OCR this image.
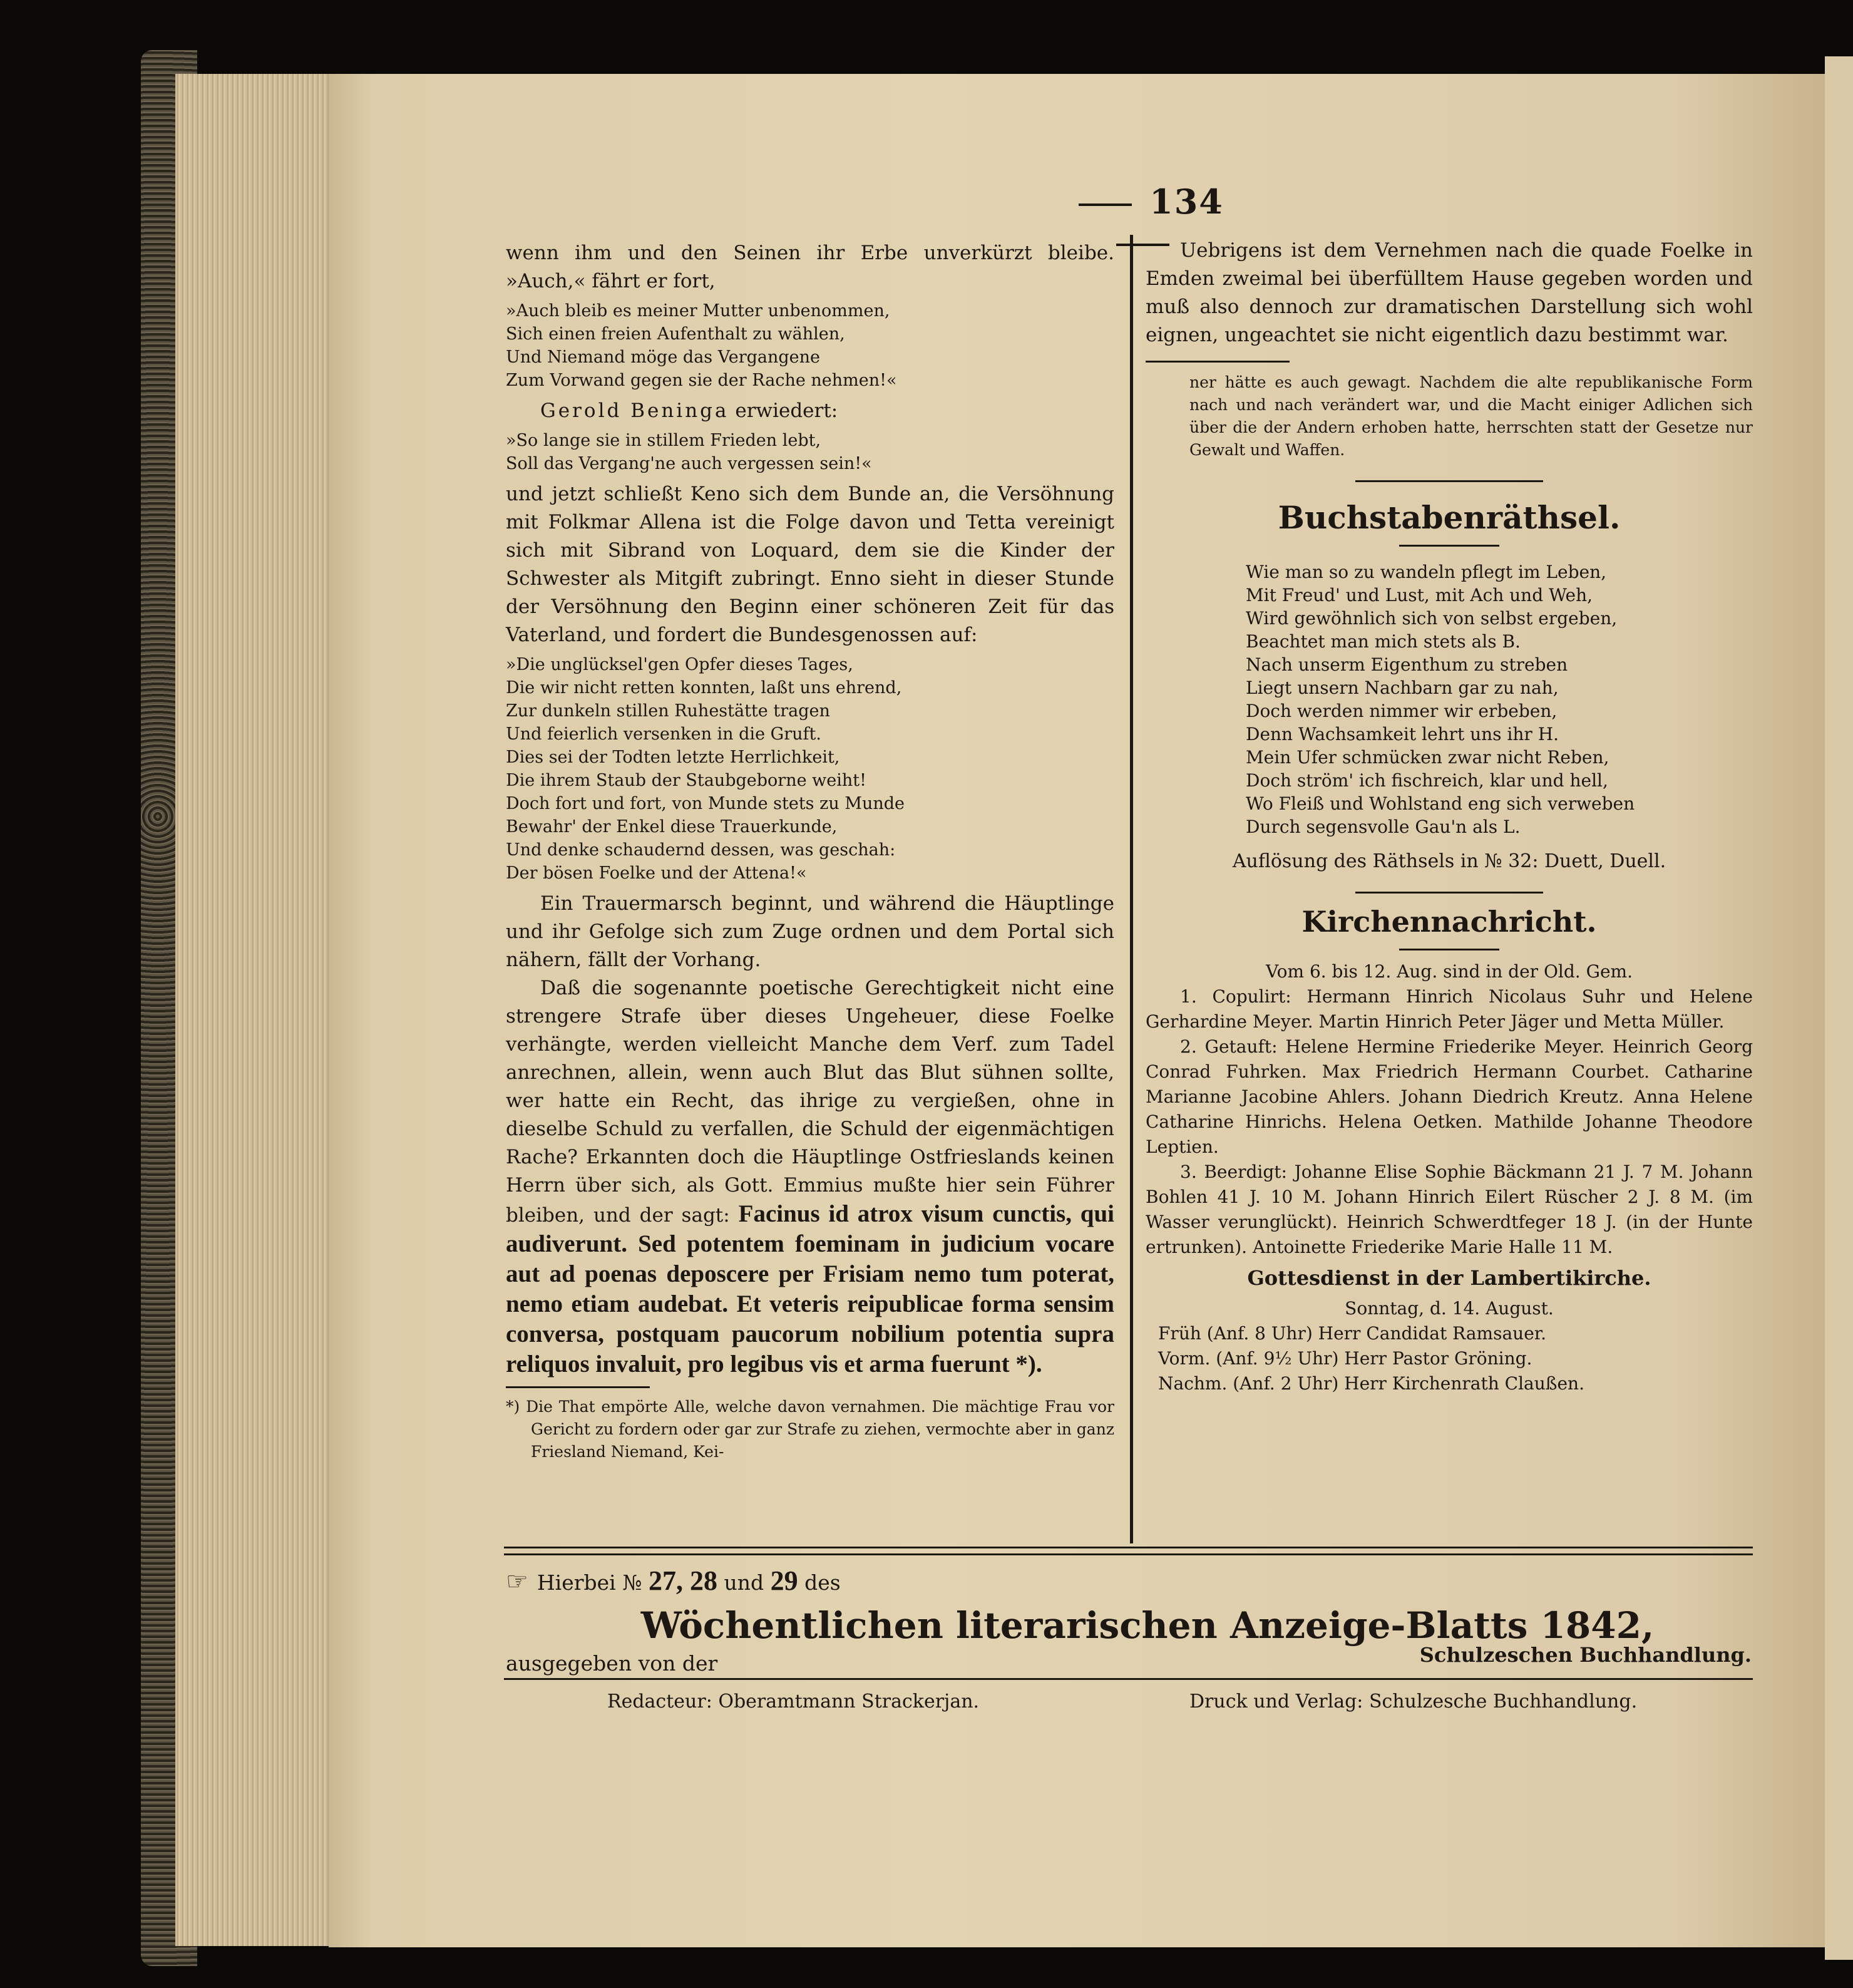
134

wenn ihm und den Seinen ihr Erbe unverkürzt bleibe. »Auch,« fährt er fort,

»Auch bleib es meiner Mutter unbenommen,
Sich einen freien Aufenthalt zu wählen,
Und Niemand möge das Vergangene
Zum Vorwand gegen sie der Rache nehmen!«

Gerold Beninga erwiedert:

»So lange sie in stillem Frieden lebt,
Soll das Vergang'ne auch vergessen sein!«

und jetzt schließt Keno sich dem Bunde an, die Versöhnung mit Folkmar Allena ist die Folge davon und Tetta vereinigt sich mit Sibrand von Loquard, dem sie die Kinder der Schwester als Mitgift zubringt. Enno sieht in dieser Stunde der Versöhnung den Beginn einer schöneren Zeit für das Vaterland, und fordert die Bundesgenossen auf:

»Die unglücksel'gen Opfer dieses Tages,
Die wir nicht retten konnten, laßt uns ehrend,
Zur dunkeln stillen Ruhestätte tragen
Und feierlich versenken in die Gruft.
Dies sei der Todten letzte Herrlichkeit,
Die ihrem Staub der Staubgeborne weiht!
Doch fort und fort, von Munde stets zu Munde
Bewahr' der Enkel diese Trauerkunde,
Und denke schaudernd dessen, was geschah:
Der bösen Foelke und der Attena!«

Ein Trauermarsch beginnt, und während die Häuptlinge und ihr Gefolge sich zum Zuge ordnen und dem Portal sich nähern, fällt der Vorhang.

Daß die sogenannte poetische Gerechtigkeit nicht eine strengere Strafe über dieses Ungeheuer, diese Foelke verhängte, werden vielleicht Manche dem Verf. zum Tadel anrechnen, allein, wenn auch Blut das Blut sühnen sollte, wer hatte ein Recht, das ihrige zu vergießen, ohne in dieselbe Schuld zu verfallen, die Schuld der eigenmächtigen Rache? Erkannten doch die Häuptlinge Ostfrieslands keinen Herrn über sich, als Gott. Emmius mußte hier sein Führer bleiben, und der sagt: Facinus id atrox visum cunctis, qui audiverunt. Sed potentem foeminam in judicium vocare aut ad poenas deposcere per Frisiam nemo tum poterat, nemo etiam audebat. Et veteris reipublicae forma sensim conversa, postquam paucorum nobilium potentia supra reliquos invaluit, pro legibus vis et arma fuerunt *).

*) Die That empörte Alle, welche davon vernahmen. Die mächtige Frau vor Gericht zu fordern oder gar zur Strafe zu ziehen, vermochte aber in ganz Friesland Niemand, Kei-

Uebrigens ist dem Vernehmen nach die quade Foelke in Emden zweimal bei überfülltem Hause gegeben worden und muß also dennoch zur dramatischen Darstellung sich wohl eignen, ungeachtet sie nicht eigentlich dazu bestimmt war.

ner hätte es auch gewagt. Nachdem die alte republikanische Form nach und nach verändert war, und die Macht einiger Adlichen sich über die der Andern erhoben hatte, herrschten statt der Gesetze nur Gewalt und Waffen.

Buchstabenräthsel.
Wie man so zu wandeln pflegt im Leben,
Mit Freud' und Lust, mit Ach und Weh,
Wird gewöhnlich sich von selbst ergeben,
Beachtet man mich stets als B.
Nach unserm Eigenthum zu streben
Liegt unsern Nachbarn gar zu nah,
Doch werden nimmer wir erbeben,
Denn Wachsamkeit lehrt uns ihr H.
Mein Ufer schmücken zwar nicht Reben,
Doch ström' ich fischreich, klar und hell,
Wo Fleiß und Wohlstand eng sich verweben
Durch segensvolle Gau'n als L.

Auflösung des Räthsels in № 32: Duett, Duell.

Kirchennachricht.

Vom 6. bis 12. Aug. sind in der Old. Gem.

1. Copulirt: Hermann Hinrich Nicolaus Suhr und Helene Gerhardine Meyer. Martin Hinrich Peter Jäger und Metta Müller.

2. Getauft: Helene Hermine Friederike Meyer. Heinrich Georg Conrad Fuhrken. Max Friedrich Hermann Courbet. Catharine Marianne Jacobine Ahlers. Johann Diedrich Kreutz. Anna Helene Catharine Hinrichs. Helena Oetken. Mathilde Johanne Theodore Leptien.

3. Beerdigt: Johanne Elise Sophie Bäckmann 21 J. 7 M. Johann Bohlen 41 J. 10 M. Johann Hinrich Eilert Rüscher 2 J. 8 M. (im Wasser verunglückt). Heinrich Schwerdtfeger 18 J. (in der Hunte ertrunken). Antoinette Friederike Marie Halle 11 M.

Gottesdienst in der Lambertikirche.

Sonntag, d. 14. August.

Früh (Anf. 8 Uhr) Herr Candidat Ramsauer.
Vorm. (Anf. 9½ Uhr) Herr Pastor Gröning.
Nachm. (Anf. 2 Uhr) Herr Kirchenrath Claußen.
☞ Hierbei № 27, 28 und 29 des
Wöchentlichen literarischen Anzeige-Blatts 1842,
ausgegeben von der	Schulzeschen Buchhandlung.
Redacteur: Oberamtmann Strackerjan.	Druck und Verlag: Schulzesche Buchhandlung.
